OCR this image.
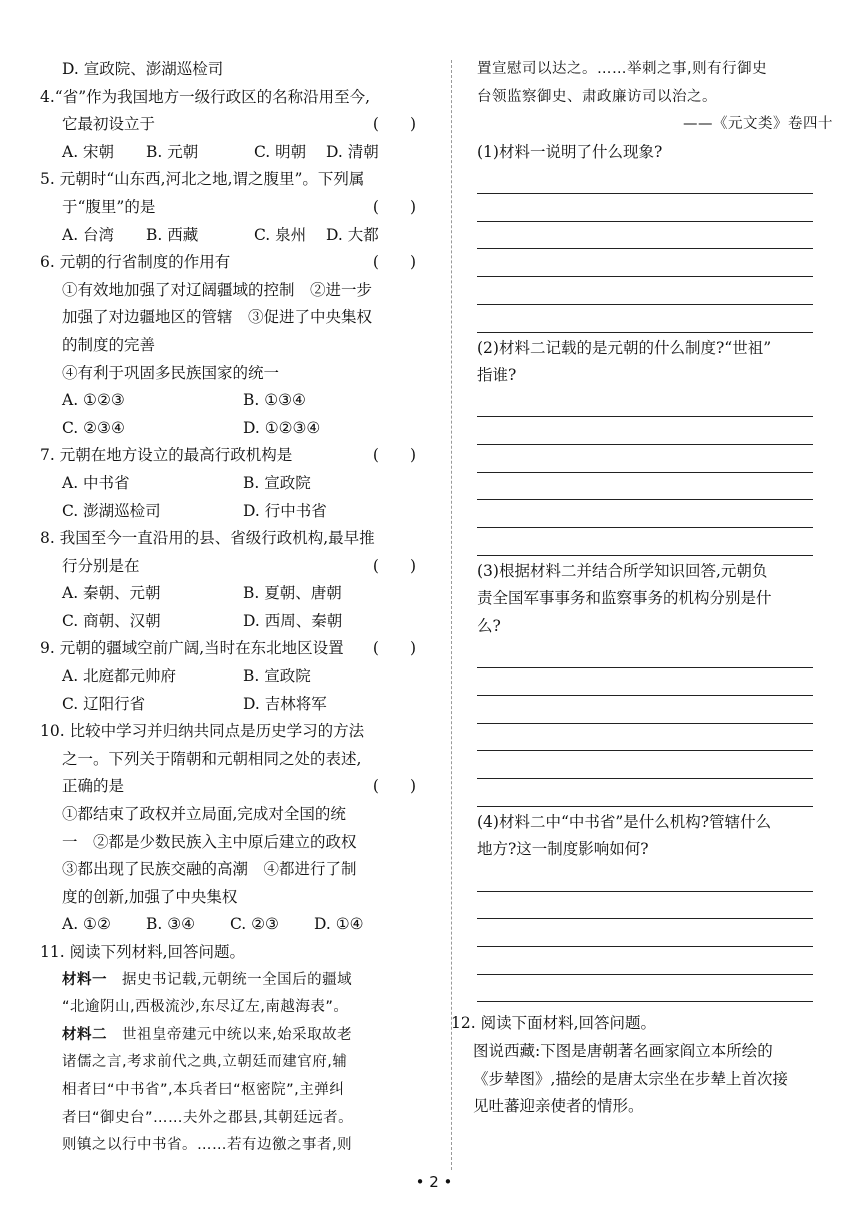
D. 宣政院、澎湖巡检司
4.“省”作为我国地方一级行政区的名称沿用至今,
它最初设立于	(　　)
A. 宋朝	B. 元朝	C. 明朝	D. 清朝
5. 元朝时“山东西,河北之地,谓之腹里”。下列属
于“腹里”的是	(　　)
A. 台湾	B. 西藏	C. 泉州	D. 大都
6. 元朝的行省制度的作用有	(　　)
①有效地加强了对辽阔疆域的控制　②进一步
加强了对边疆地区的管辖　③促进了中央集权
的制度的完善
④有利于巩固多民族国家的统一
A. ①②③	B. ①③④
C. ②③④	D. ①②③④
7. 元朝在地方设立的最高行政机构是	(　　)
A. 中书省	B. 宣政院
C. 澎湖巡检司	D. 行中书省
8. 我国至今一直沿用的县、省级行政机构,最早推
行分别是在	(　　)
A. 秦朝、元朝	B. 夏朝、唐朝
C. 商朝、汉朝	D. 西周、秦朝
9. 元朝的疆域空前广阔,当时在东北地区设置 (　　)
A. 北庭都元帅府	B. 宣政院
C. 辽阳行省	D. 吉林将军
10. 比较中学习并归纳共同点是历史学习的方法
之一。下列关于隋朝和元朝相同之处的表述,
正确的是	(　　)
①都结束了政权并立局面,完成对全国的统
一　②都是少数民族入主中原后建立的政权
③都出现了民族交融的高潮　④都进行了制
度的创新,加强了中央集权
A. ①②	B. ③④	C. ②③	D. ①④
11. 阅读下列材料,回答问题。
材料一　据史书记载,元朝统一全国后的疆域
“北逾阴山,西极流沙,东尽辽左,南越海表”。
材料二　世祖皇帝建元中统以来,始采取故老
诸儒之言,考求前代之典,立朝廷而建官府,辅
相者曰“中书省”,本兵者曰“枢密院”,主弹纠
者曰“御史台”……夫外之郡县,其朝廷远者。
则镇之以行中书省。……若有边徼之事者,则
置宣慰司以达之。……举刺之事,则有行御史
台领监察御史、肃政廉访司以治之。
——《元文类》卷四十
(1)材料一说明了什么现象?
(2)材料二记载的是元朝的什么制度?“世祖”
指谁?
(3)根据材料二并结合所学知识回答,元朝负
责全国军事事务和监察事务的机构分别是什
么?
(4)材料二中“中书省”是什么机构?管辖什么
地方?这一制度影响如何?
12. 阅读下面材料,回答问题。
图说西藏:下图是唐朝著名画家阎立本所绘的
《步辇图》,描绘的是唐太宗坐在步辇上首次接
见吐蕃迎亲使者的情形。
• 2 •
